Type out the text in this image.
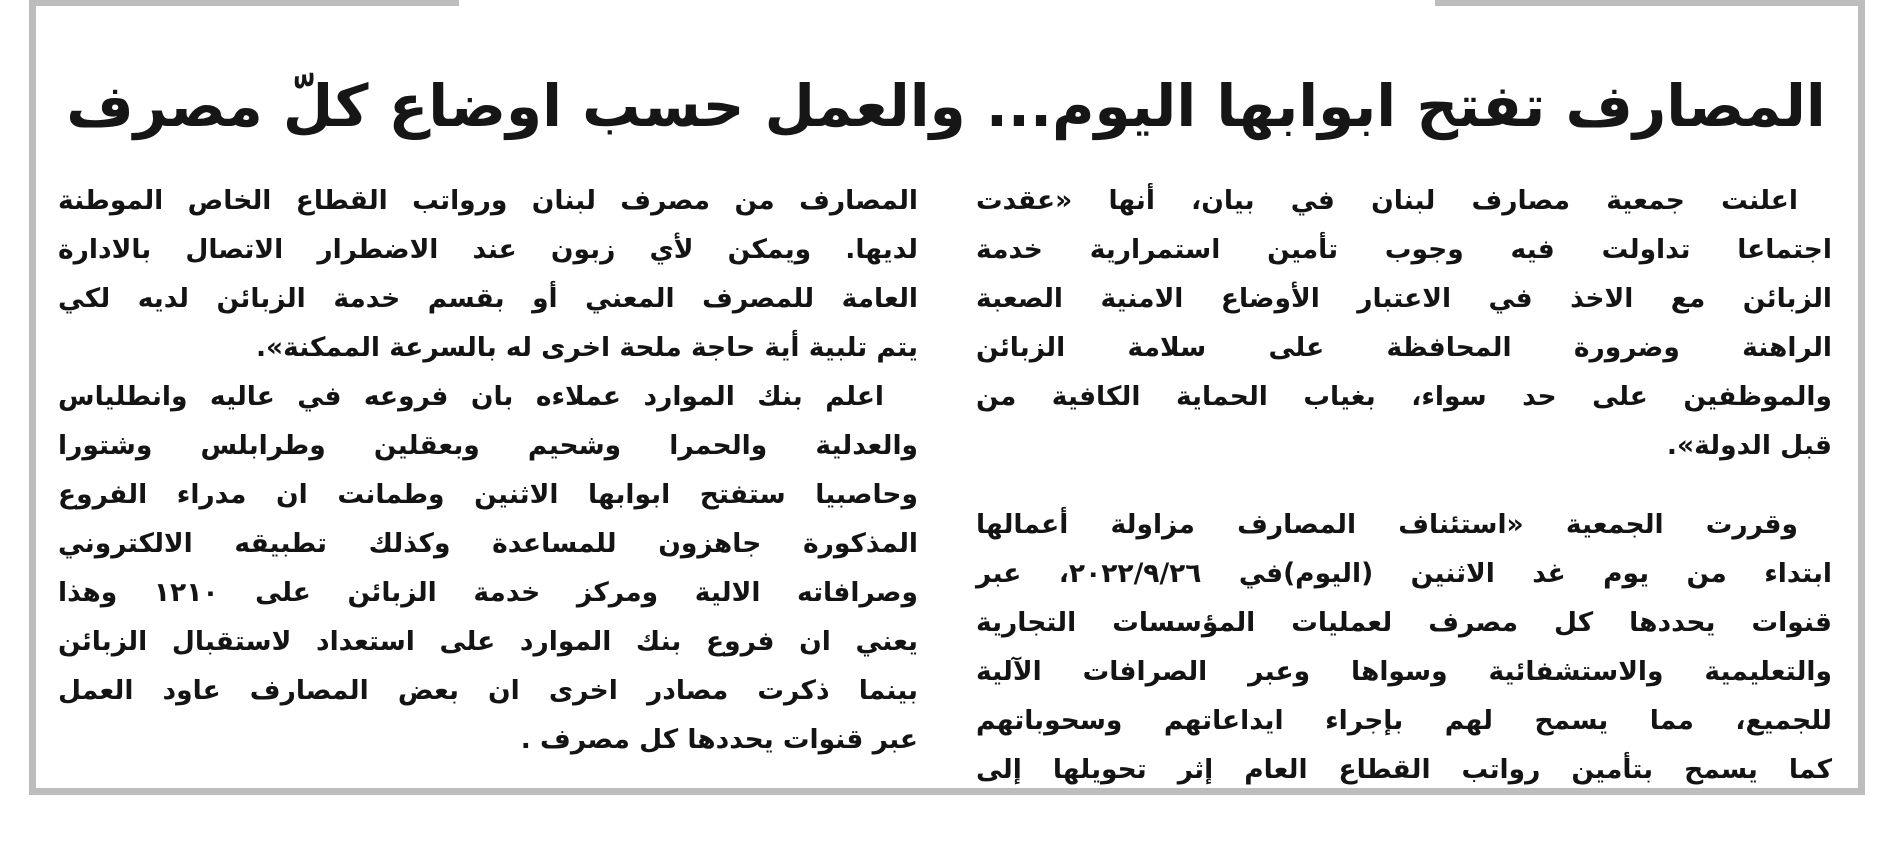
المصارف تفتح ابوابها اليوم... والعمل حسب اوضاع كلّ مصرف
اعلنت جمعية مصارف لبنان في بيان، أنها «عقدت
اجتماعا تداولت فيه وجوب تأمين استمرارية خدمة
الزبائن مع الاخذ في الاعتبار الأوضاع الامنية الصعبة
الراهنة وضرورة المحافظة على سلامة الزبائن
والموظفين على حد سواء، بغياب الحماية الكافية من
قبل الدولة».
وقررت الجمعية «استئناف المصارف مزاولة أعمالها
ابتداء من يوم غد الاثنين (اليوم)في ٢٠٢٢/٩/٢٦، عبر
قنوات يحددها كل مصرف لعمليات المؤسسات التجارية
والتعليمية والاستشفائية وسواها وعبر الصرافات الآلية
للجميع، مما يسمح لهم بإجراء ايداعاتهم وسحوباتهم
كما يسمح بتأمين رواتب القطاع العام إثر تحويلها إلى
المصارف من مصرف لبنان ورواتب القطاع الخاص الموطنة
لديها. ويمكن لأي زبون عند الاضطرار الاتصال بالادارة
العامة للمصرف المعني أو بقسم خدمة الزبائن لديه لكي
يتم تلبية أية حاجة ملحة اخرى له بالسرعة الممكنة».
اعلم بنك الموارد عملاءه بان فروعه في عاليه وانطلياس
والعدلية والحمرا وشحيم وبعقلين وطرابلس وشتورا
وحاصبيا ستفتح ابوابها الاثنين وطمانت ان مدراء الفروع
المذكورة جاهزون للمساعدة وكذلك تطبيقه الالكتروني
وصرافاته الالية ومركز خدمة الزبائن على ١٢١٠ وهذا
يعني ان فروع بنك الموارد على استعداد لاستقبال الزبائن
بينما ذكرت مصادر اخرى ان بعض المصارف عاود العمل
عبر قنوات يحددها كل مصرف .
